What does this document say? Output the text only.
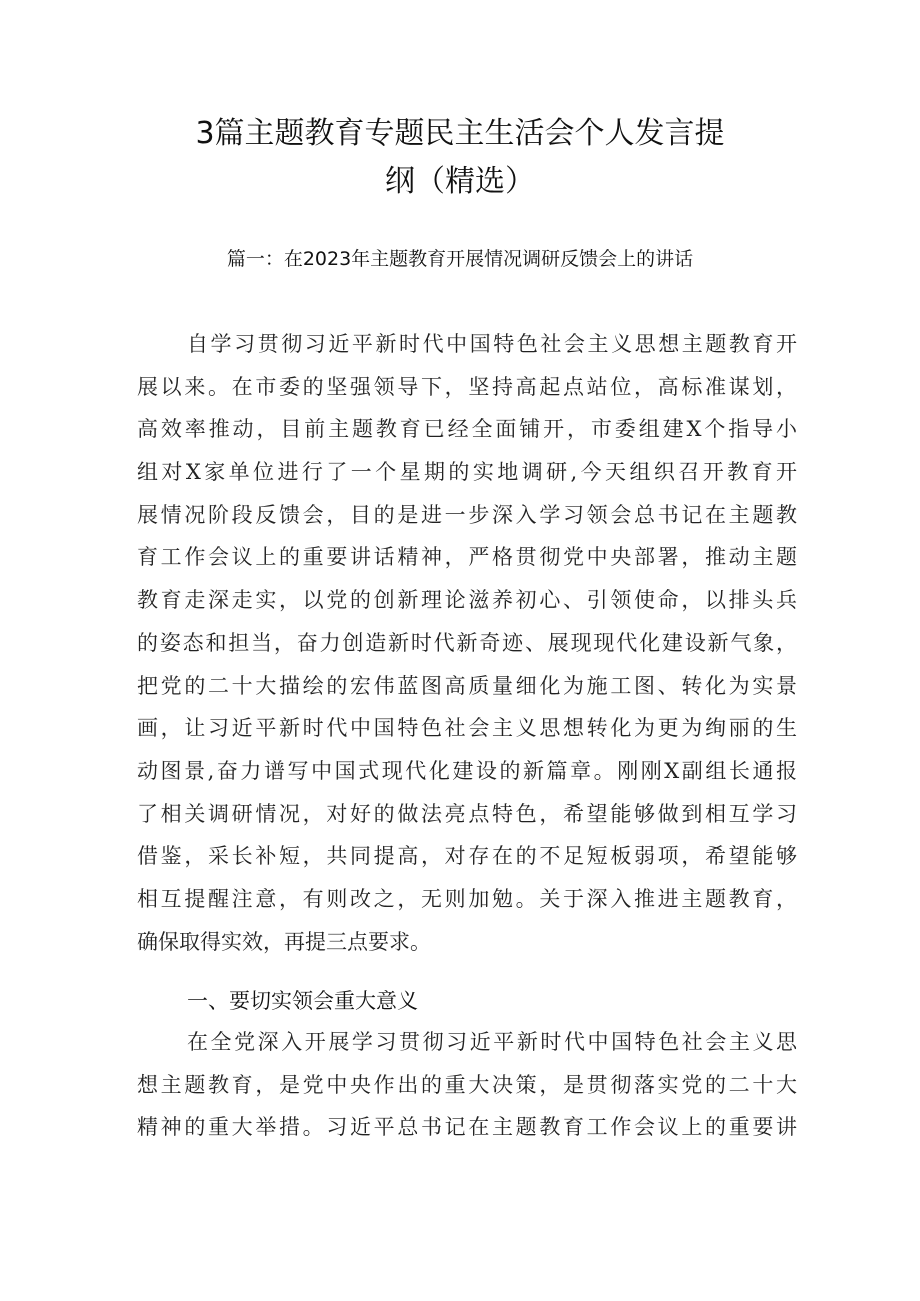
3篇主题教育专题民主生活会个人发言提
纲（精选）
篇一：在2023年主题教育开展情况调研反馈会上的讲话
自学习贯彻习近平新时代中国特色社会主义思想主题教育开
展以来。在市委的坚强领导下，坚持高起点站位，高标准谋划，
高效率推动，目前主题教育已经全面铺开，市委组建X个指导小
组对X家单位进行了一个星期的实地调研,今天组织召开教育开
展情况阶段反馈会，目的是进一步深入学习领会总书记在主题教
育工作会议上的重要讲话精神，严格贯彻党中央部署，推动主题
教育走深走实，以党的创新理论滋养初心、引领使命，以排头兵
的姿态和担当，奋力创造新时代新奇迹、展现现代化建设新气象，
把党的二十大描绘的宏伟蓝图高质量细化为施工图、转化为实景
画，让习近平新时代中国特色社会主义思想转化为更为绚丽的生
动图景,奋力谱写中国式现代化建设的新篇章。刚刚X副组长通报
了相关调研情况，对好的做法亮点特色，希望能够做到相互学习
借鉴，采长补短，共同提高，对存在的不足短板弱项，希望能够
相互提醒注意，有则改之，无则加勉。关于深入推进主题教育，
确保取得实效，再提三点要求。
一、要切实领会重大意义
在全党深入开展学习贯彻习近平新时代中国特色社会主义思
想主题教育，是党中央作出的重大决策，是贯彻落实党的二十大
精神的重大举措。习近平总书记在主题教育工作会议上的重要讲
